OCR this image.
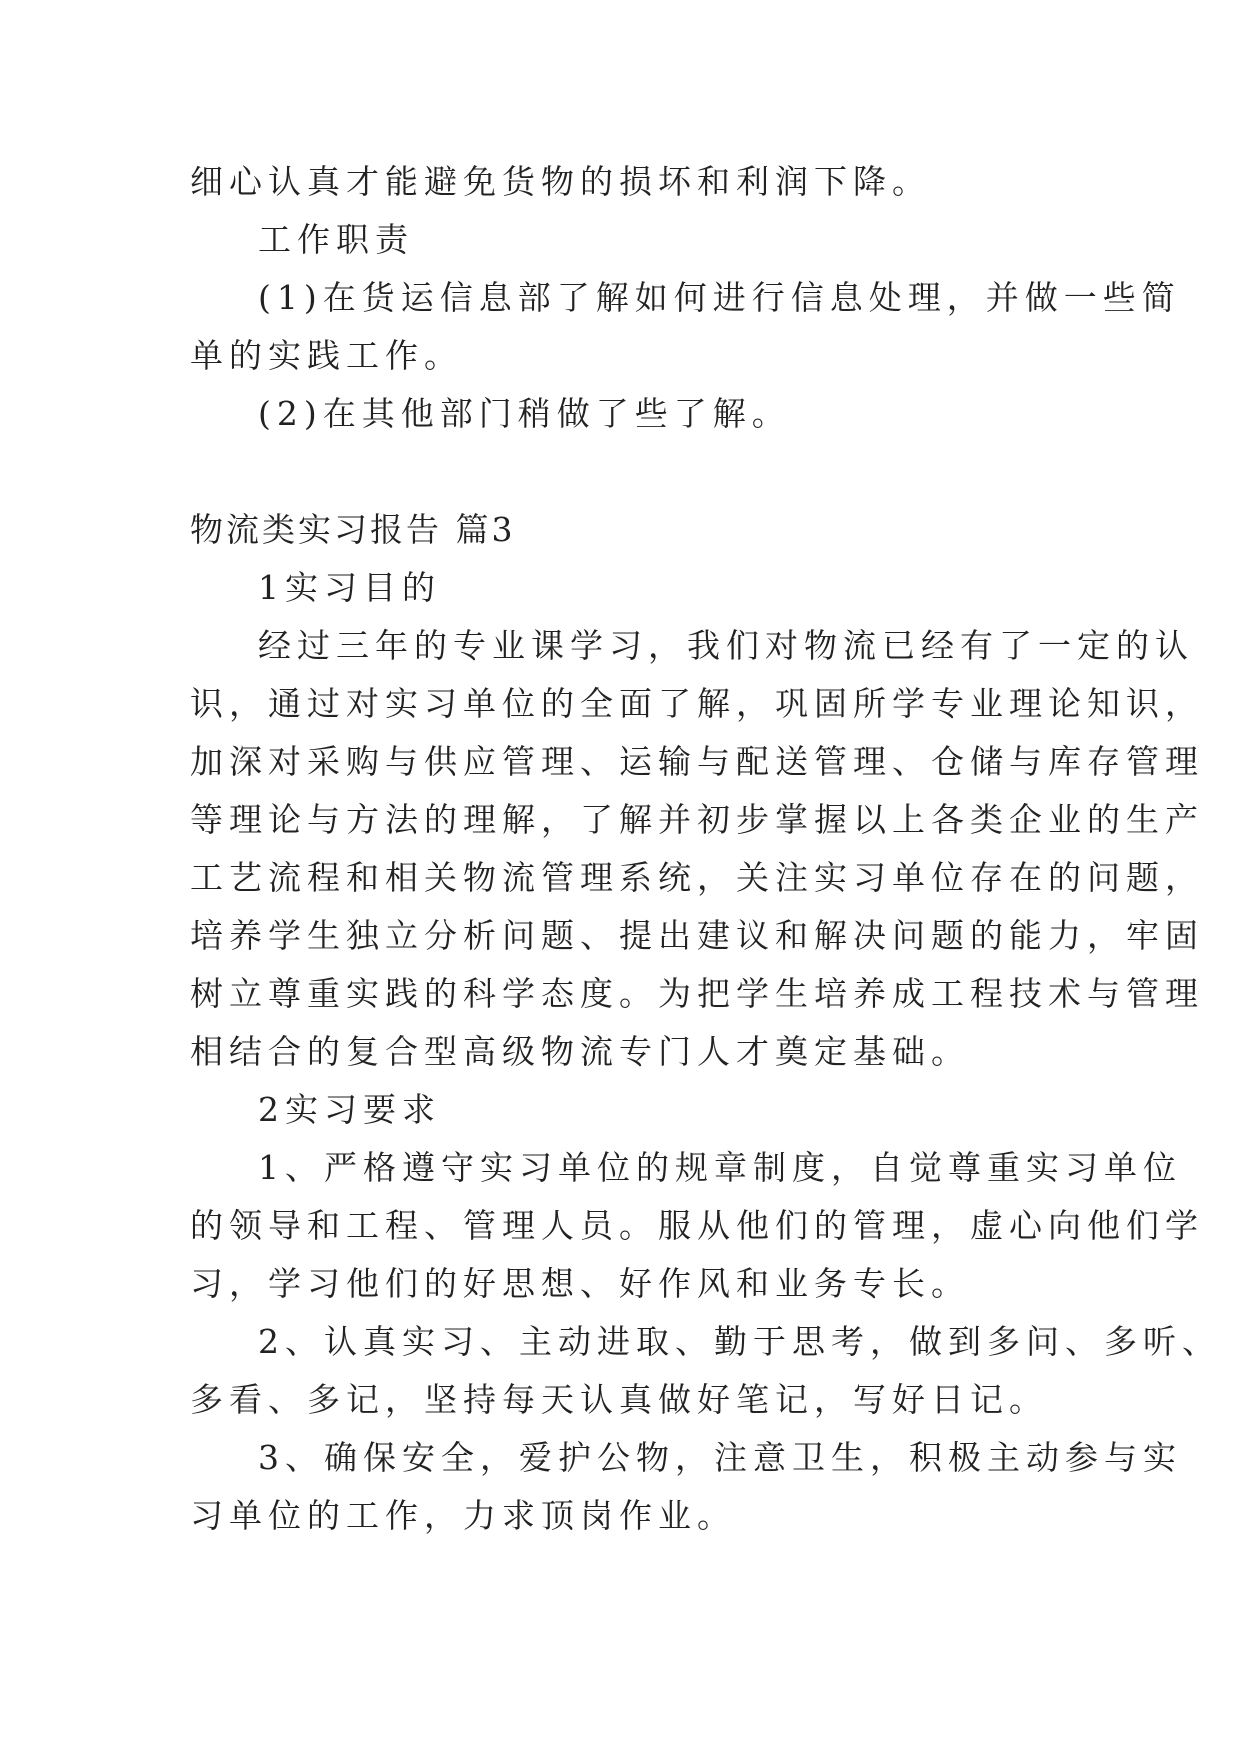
细心认真才能避免货物的损坏和利润下降。
工作职责
(1)在货运信息部了解如何进行信息处理，并做一些简
单的实践工作。
(2)在其他部门稍做了些了解。
物流类实习报告 篇3
1实习目的
经过三年的专业课学习，我们对物流已经有了一定的认
识，通过对实习单位的全面了解，巩固所学专业理论知识，
加深对采购与供应管理、运输与配送管理、仓储与库存管理
等理论与方法的理解，了解并初步掌握以上各类企业的生产
工艺流程和相关物流管理系统，关注实习单位存在的问题，
培养学生独立分析问题、提出建议和解决问题的能力，牢固
树立尊重实践的科学态度。为把学生培养成工程技术与管理
相结合的复合型高级物流专门人才奠定基础。
2实习要求
1、严格遵守实习单位的规章制度，自觉尊重实习单位
的领导和工程、管理人员。服从他们的管理，虚心向他们学
习，学习他们的好思想、好作风和业务专长。
2、认真实习、主动进取、勤于思考，做到多问、多听、
多看、多记，坚持每天认真做好笔记，写好日记。
3、确保安全，爱护公物，注意卫生，积极主动参与实
习单位的工作，力求顶岗作业。
